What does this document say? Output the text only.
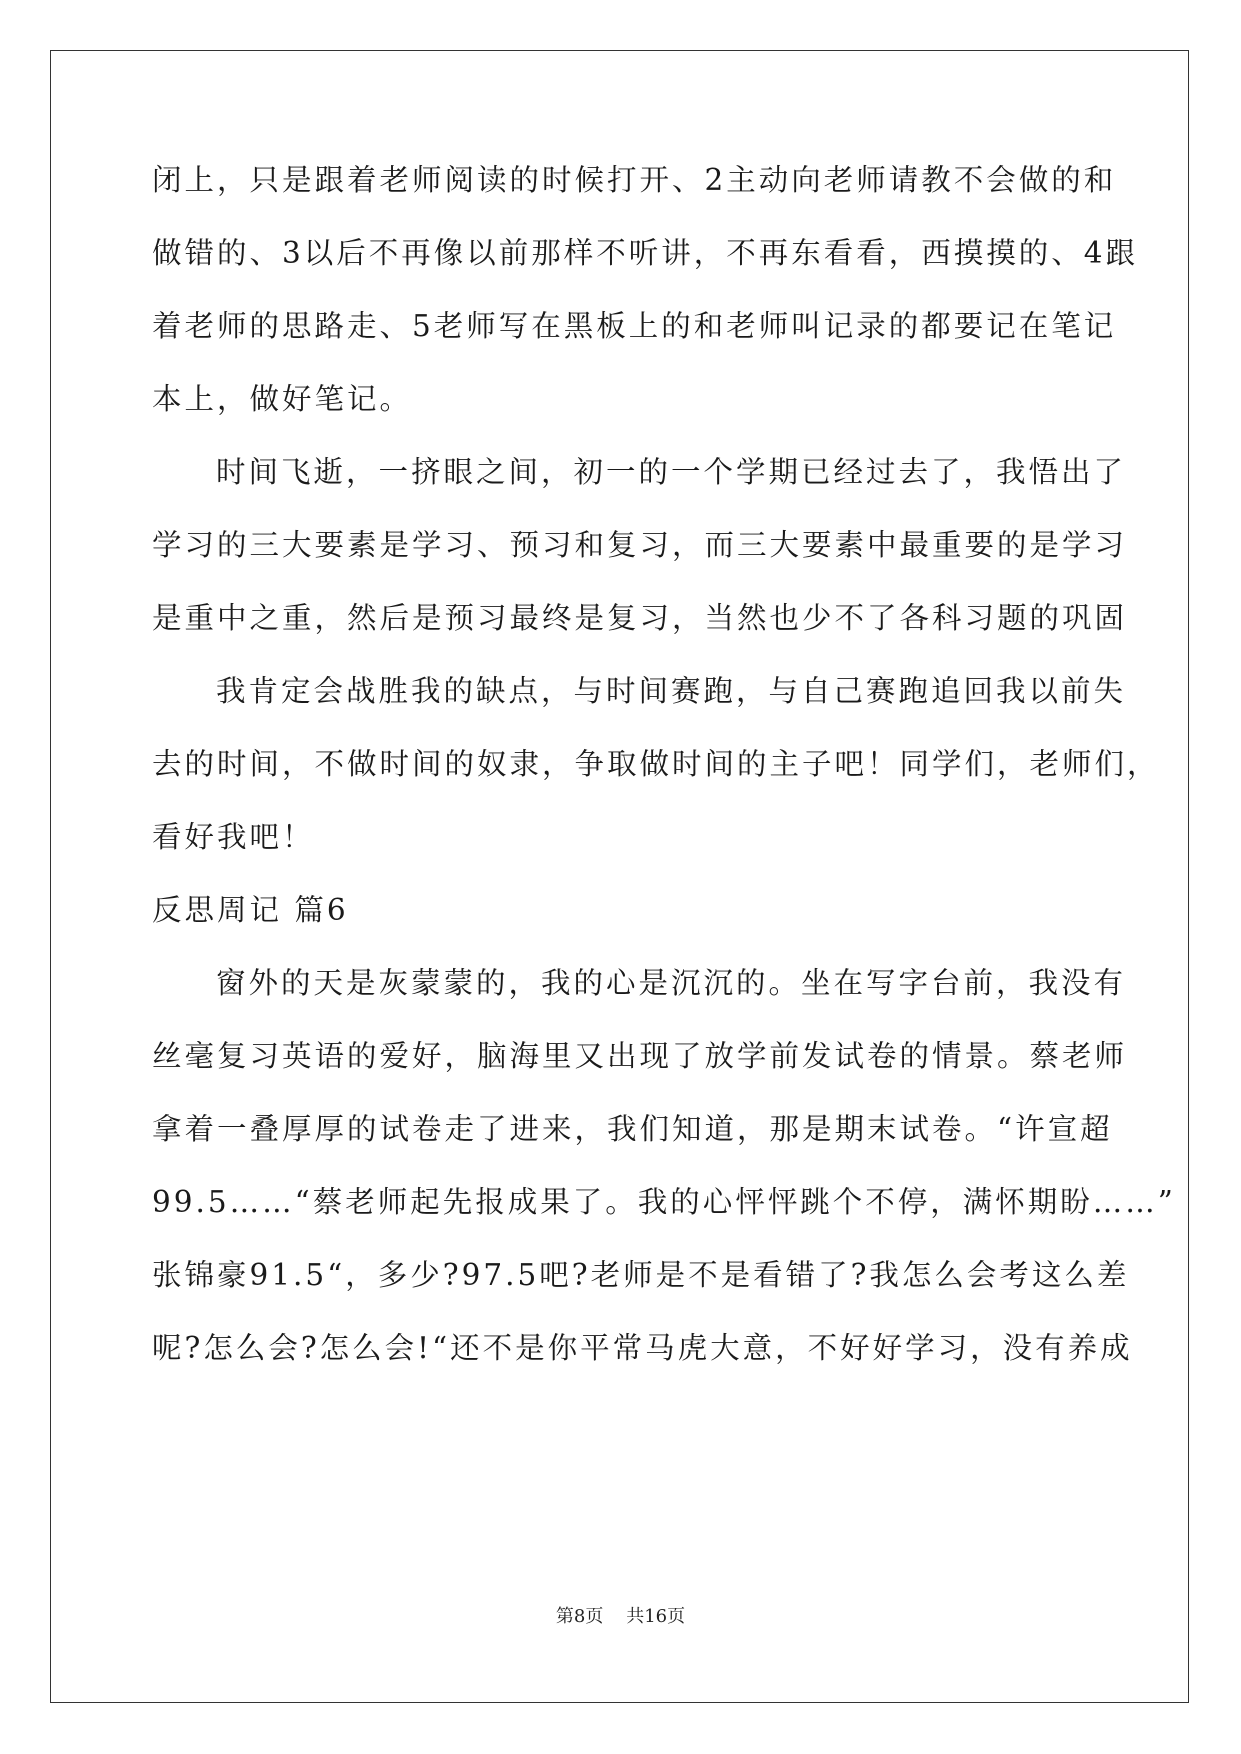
闭上，只是跟着老师阅读的时候打开、2主动向老师请教不会做的和
做错的、3以后不再像以前那样不听讲，不再东看看，西摸摸的、4跟
着老师的思路走、5老师写在黑板上的和老师叫记录的都要记在笔记
本上，做好笔记。
时间飞逝，一挤眼之间，初一的一个学期已经过去了，我悟出了
学习的三大要素是学习、预习和复习，而三大要素中最重要的是学习
是重中之重，然后是预习最终是复习，当然也少不了各科习题的巩固
我肯定会战胜我的缺点，与时间赛跑，与自己赛跑追回我以前失
去的时间，不做时间的奴隶，争取做时间的主子吧！同学们，老师们，
看好我吧！
反思周记 篇6
窗外的天是灰蒙蒙的，我的心是沉沉的。坐在写字台前，我没有
丝毫复习英语的爱好，脑海里又出现了放学前发试卷的情景。蔡老师
拿着一叠厚厚的试卷走了进来，我们知道，那是期末试卷。“许宣超
99.5……“蔡老师起先报成果了。我的心怦怦跳个不停，满怀期盼……”
张锦豪91.5“，多少?97.5吧?老师是不是看错了?我怎么会考这么差
呢?怎么会?怎么会!“还不是你平常马虎大意，不好好学习，没有养成
第8页 共16页
